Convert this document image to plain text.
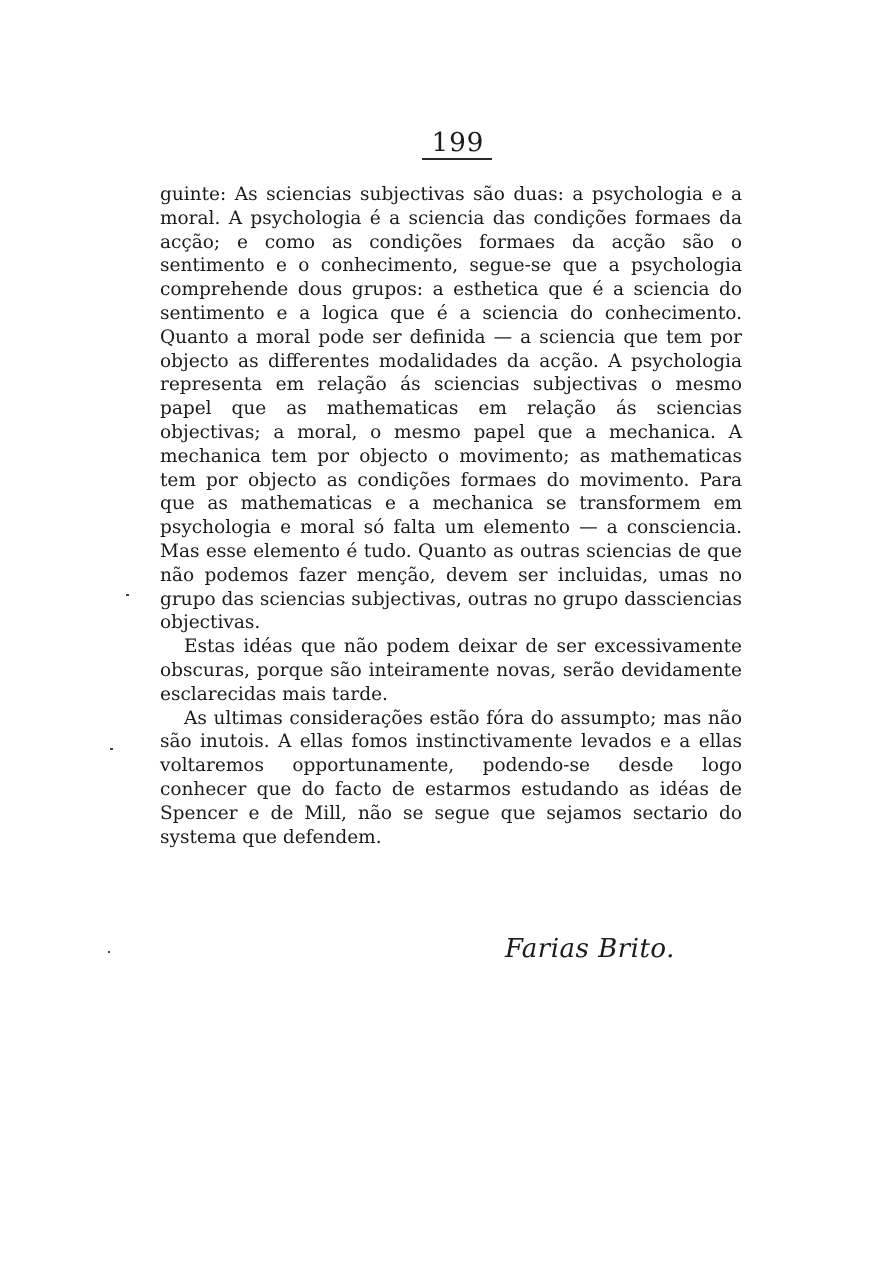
199

guinte: As sciencias subjectivas são duas: a psychologia e a moral. A psychologia é a sciencia das condições formaes da acção; e como as condições formaes da acção são o sentimento e o conhecimento, segue-se que a psychologia comprehende dous grupos: a esthetica que é a sciencia do sentimento e a logica que é a sciencia do conhecimento. Quanto a moral pode ser definida — a sciencia que tem por objecto as differentes modalidades da acção. A psychologia representa em relação ás sciencias subjectivas o mesmo papel que as mathematicas em relação ás sciencias objectivas; a moral, o mesmo papel que a mechanica. A mechanica tem por objecto o movimento; as mathematicas tem por objecto as condições formaes do movimento. Para que as mathematicas e a mechanica se transformem em psychologia e moral só falta um elemento — a consciencia. Mas esse elemento é tudo. Quanto as outras sciencias de que não podemos fazer menção, devem ser incluidas, umas no grupo das sciencias subjectivas, outras no grupo dassciencias objectivas.

Estas idéas que não podem deixar de ser excessivamente obscuras, porque são inteiramente novas, serão devidamente esclarecidas mais tarde.

As ultimas considerações estão fóra do assumpto; mas não são inutois. A ellas fomos instinctivamente levados e a ellas voltaremos opportunamente, podendo-se desde logo conhecer que do facto de estarmos estudando as idéas de Spencer e de Mill, não se segue que sejamos sectario do systema que defendem.

Farias Brito.
